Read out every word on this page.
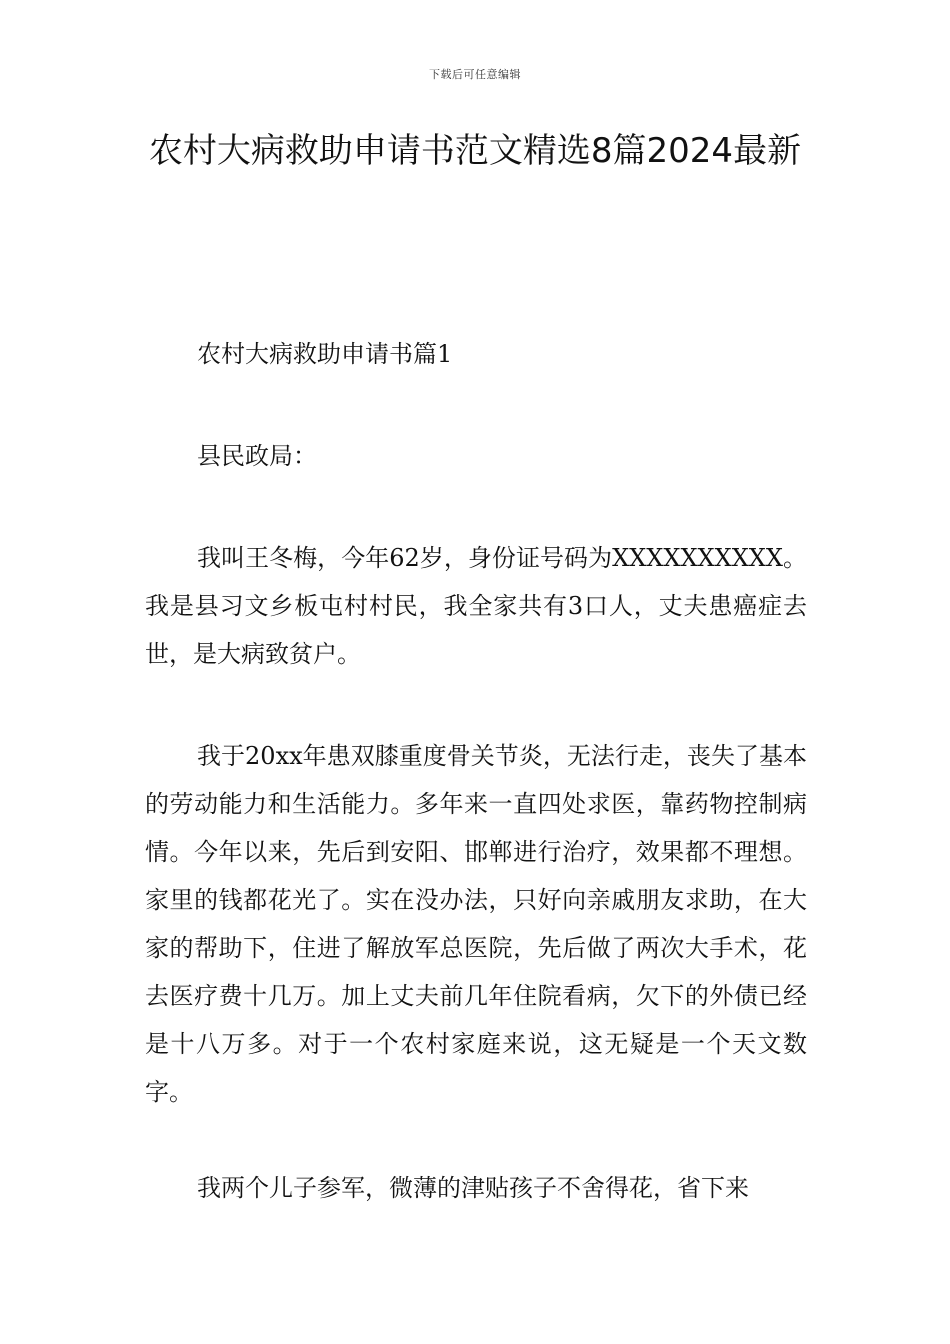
下载后可任意编辑
农村大病救助申请书范文精选8篇2024最新

农村大病救助申请书篇1

县民政局：

我叫王冬梅，今年62岁，身份证号码为XXXXXXXXXX。我是县习文乡板屯村村民，我全家共有3口人，丈夫患癌症去世，是大病致贫户。

我于20xx年患双膝重度骨关节炎，无法行走，丧失了基本的劳动能力和生活能力。多年来一直四处求医，靠药物控制病情。今年以来，先后到安阳、邯郸进行治疗，效果都不理想。家里的钱都花光了。实在没办法，只好向亲戚朋友求助，在大家的帮助下，住进了解放军总医院，先后做了两次大手术，花去医疗费十几万。加上丈夫前几年住院看病，欠下的外债已经是十八万多。对于一个农村家庭来说，这无疑是一个天文数字。

我两个儿子参军，微薄的津贴孩子不舍得花，省下来
